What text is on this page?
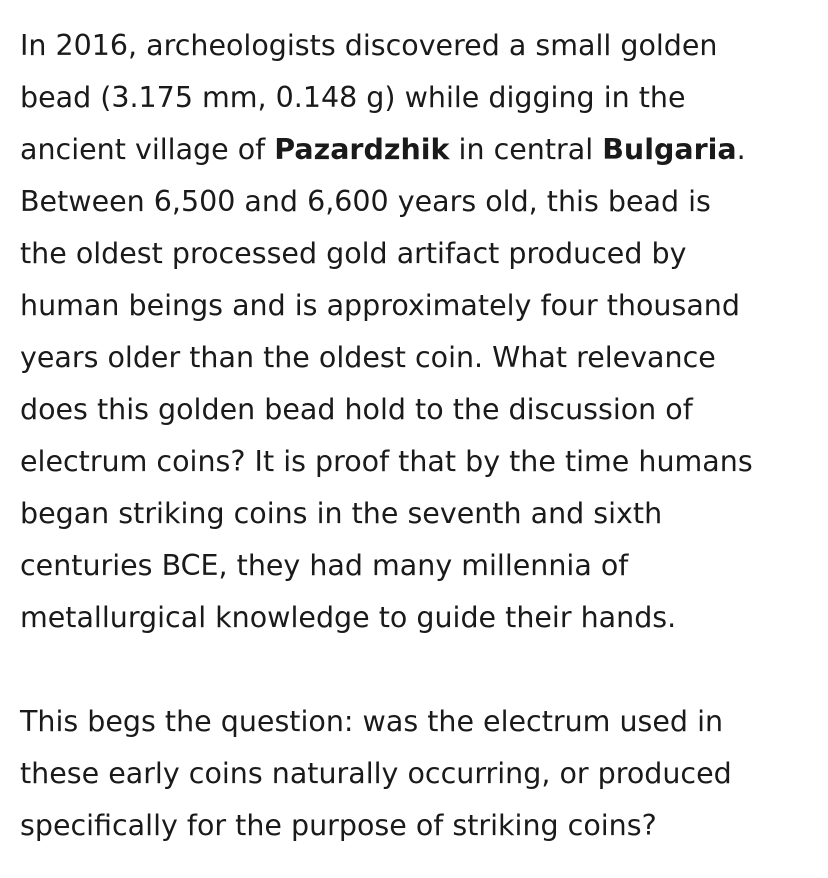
In 2016, archeologists discovered a small golden
bead (3.175 mm, 0.148 g) while digging in the
ancient village of Pazardzhik in central Bulgaria.
Between 6,500 and 6,600 years old, this bead is
the oldest processed gold artifact produced by
human beings and is approximately four thousand
years older than the oldest coin. What relevance
does this golden bead hold to the discussion of
electrum coins? It is proof that by the time humans
began striking coins in the seventh and sixth
centuries BCE, they had many millennia of
metallurgical knowledge to guide their hands.

This begs the question: was the electrum used in
these early coins naturally occurring, or produced
specifically for the purpose of striking coins?
